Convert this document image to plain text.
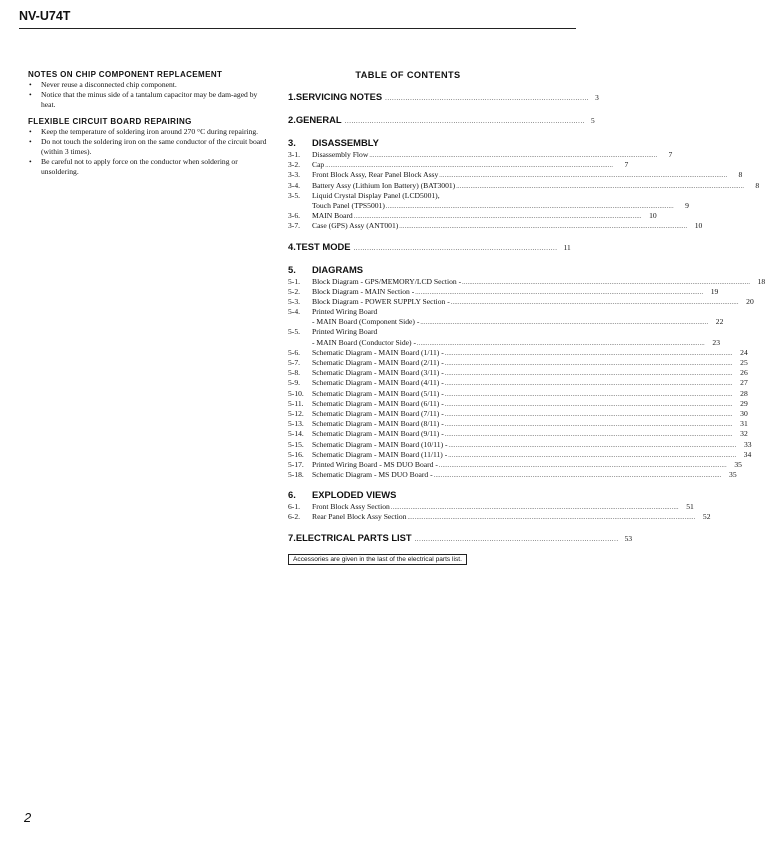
NV-U74T
NOTES ON CHIP COMPONENT REPLACEMENT
• Never reuse a disconnected chip component.
• Notice that the minus side of a tantalum capacitor may be dam-aged by heat.
FLEXIBLE CIRCUIT BOARD REPAIRING
• Keep the temperature of soldering iron around 270 °C during repairing.
• Do not touch the soldering iron on the same conductor of the circuit board (within 3 times).
• Be careful not to apply force on the conductor when soldering or unsoldering.
TABLE OF CONTENTS
1. SERVICING NOTES .......................................................................................... 3
2. GENERAL .......................................................................................................... 5
3.	DISASSEMBLY
3-1.	Disassembly Flow ................................................................................................................................................................	7
3-2.	Cap ................................................................................................................................................................	7
3-3.	Front Block Assy, Rear Panel Block Assy ................................................................................................................................................................	8
3-4.	Battery Assy (Lithium Ion Battery) (BAT3001) ................................................................................................................................................................	8
3-5.	Liquid Crystal Display Panel (LCD5001),
Touch Panel (TPS5001) ................................................................................................................................................................	9
3-6.	MAIN Board ................................................................................................................................................................ 10
3-7.	Case (GPS) Assy (ANT001) ................................................................................................................................................................ 10
4. TEST MODE .......................................................................................... 11
5.	DIAGRAMS
5-1.	Block Diagram - GPS/MEMORY/LCD Section - ................................................................................................................................................................ 18
5-2.	Block Diagram - MAIN Section - ................................................................................................................................................................ 19
5-3.	Block Diagram - POWER SUPPLY Section - ................................................................................................................................................................ 20
5-4.	Printed Wiring Board
- MAIN Board (Component Side) - ................................................................................................................................................................ 22
5-5.	Printed Wiring Board
- MAIN Board (Conductor Side) - ................................................................................................................................................................ 23
5-6.	Schematic Diagram - MAIN Board (1/11) - ................................................................................................................................................................ 24
5-7.	Schematic Diagram - MAIN Board (2/11) - ................................................................................................................................................................ 25
5-8.	Schematic Diagram - MAIN Board (3/11) - ................................................................................................................................................................ 26
5-9.	Schematic Diagram - MAIN Board (4/11) - ................................................................................................................................................................ 27
5-10.	Schematic Diagram - MAIN Board (5/11) - ................................................................................................................................................................ 28
5-11.	Schematic Diagram - MAIN Board (6/11) - ................................................................................................................................................................ 29
5-12.	Schematic Diagram - MAIN Board (7/11) - ................................................................................................................................................................ 30
5-13.	Schematic Diagram - MAIN Board (8/11) - ................................................................................................................................................................ 31
5-14.	Schematic Diagram - MAIN Board (9/11) - ................................................................................................................................................................ 32
5-15.	Schematic Diagram - MAIN Board (10/11) - ................................................................................................................................................................ 33
5-16.	Schematic Diagram - MAIN Board (11/11) - ................................................................................................................................................................ 34
5-17.	Printed Wiring Board - MS DUO Board - ................................................................................................................................................................ 35
5-18.	Schematic Diagram - MS DUO Board - ................................................................................................................................................................ 35
6.	EXPLODED VIEWS
6-1.	Front Block Assy Section ................................................................................................................................................................ 51
6-2.	Rear Panel Block Assy Section ................................................................................................................................................................ 52
7. ELECTRICAL PARTS LIST .......................................................................................... 53
Accessories are given in the last of the electrical parts list.
2
